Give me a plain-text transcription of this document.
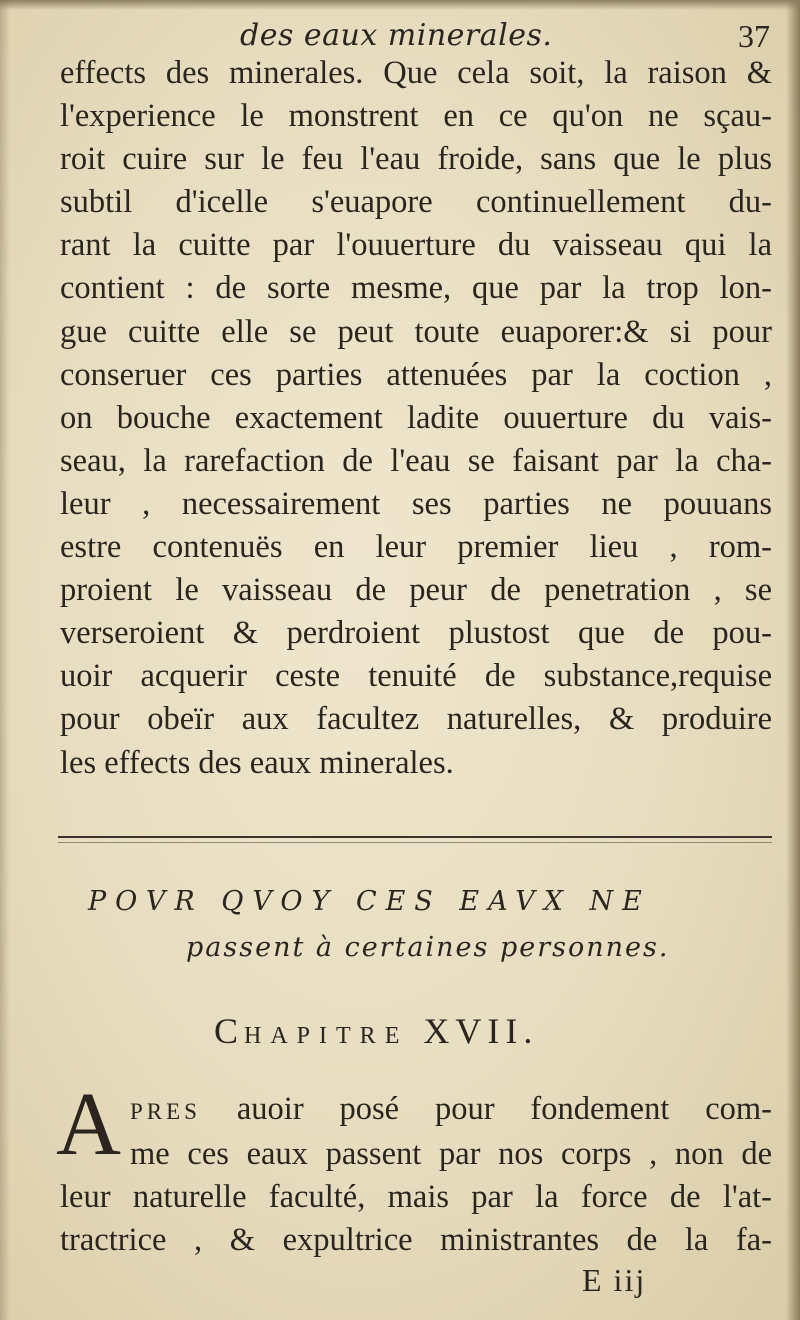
des eaux minerales.	37
effects des minerales. Que cela soit, la raison &
l'experience le monstrent en ce qu'on ne sçau-
roit cuire sur le feu l'eau froide, sans que le plus
subtil d'icelle s'euapore continuellement du-
rant la cuitte par l'ouuerture du vaisseau qui la
contient : de sorte mesme, que par la trop lon-
gue cuitte elle se peut toute euaporer:& si pour
conseruer ces parties attenuées par la coction ,
on bouche exactement ladite ouuerture du vais-
seau, la rarefaction de l'eau se faisant par la cha-
leur , necessairement ses parties ne pouuans
estre contenuës en leur premier lieu , rom-
proient le vaisseau de peur de penetration , se
verseroient & perdroient plustost que de pou-
uoir acquerir ceste tenuité de substance,requise
pour obeïr aux facultez naturelles, & produire
les effects des eaux minerales.
POVR QVOY CES EAVX NE
passent à certaines personnes.
CHAPITRE XVII.
A PRES auoir posé pour fondement com-
me ces eaux passent par nos corps , non de
leur naturelle faculté, mais par la force de l'at-
tractrice , & expultrice ministrantes de la fa-
E iij
